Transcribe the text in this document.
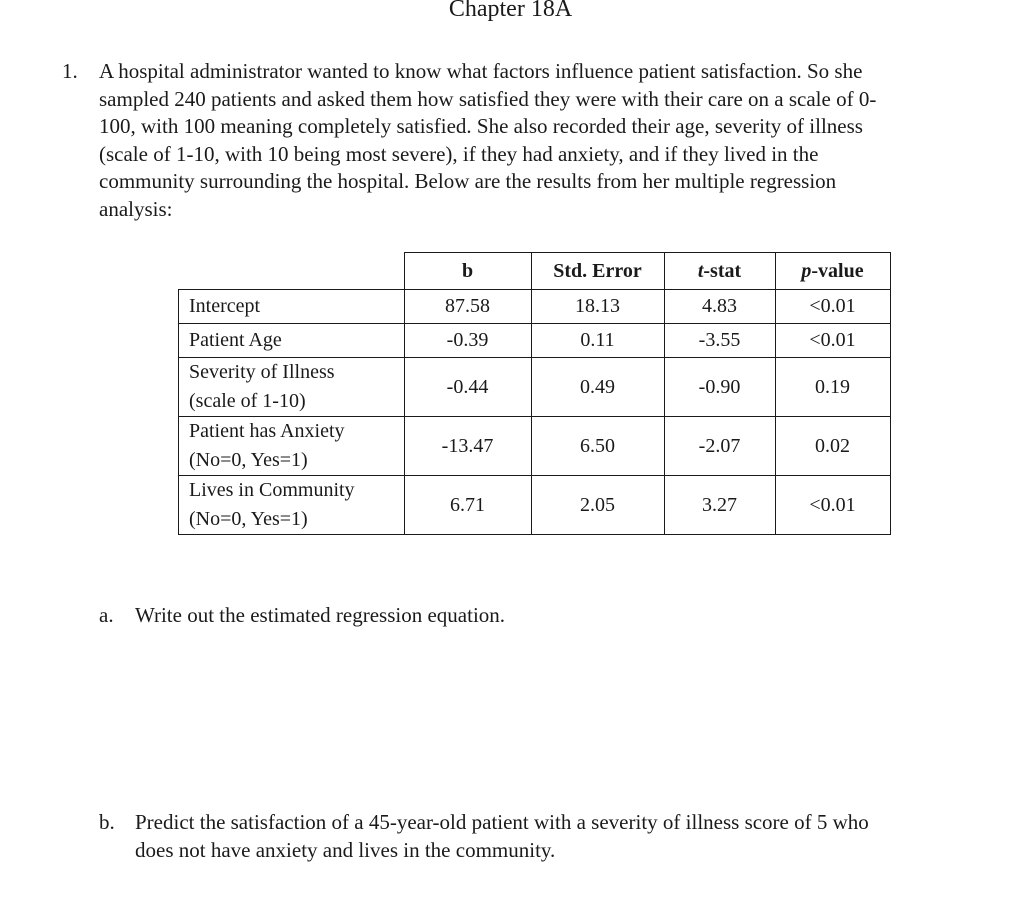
Chapter 18A
1. A hospital administrator wanted to know what factors influence patient satisfaction. So she
sampled 240 patients and asked them how satisfied they were with their care on a scale of 0-
100, with 100 meaning completely satisfied. She also recorded their age, severity of illness
(scale of 1-10, with 10 being most severe), if they had anxiety, and if they lived in the
community surrounding the hospital. Below are the results from her multiple regression
analysis:
	b	Std. Error	t-stat	p-value
Intercept	87.58	18.13	4.83	<0.01
Patient Age	-0.39	0.11	-3.55	<0.01
Severity of Illness
(scale of 1-10)	-0.44	0.49	-0.90	0.19
Patient has Anxiety
(No=0, Yes=1)	-13.47	6.50	-2.07	0.02
Lives in Community
(No=0, Yes=1)	6.71	2.05	3.27	<0.01
a. Write out the estimated regression equation.
b. Predict the satisfaction of a 45-year-old patient with a severity of illness score of 5 who
does not have anxiety and lives in the community.
